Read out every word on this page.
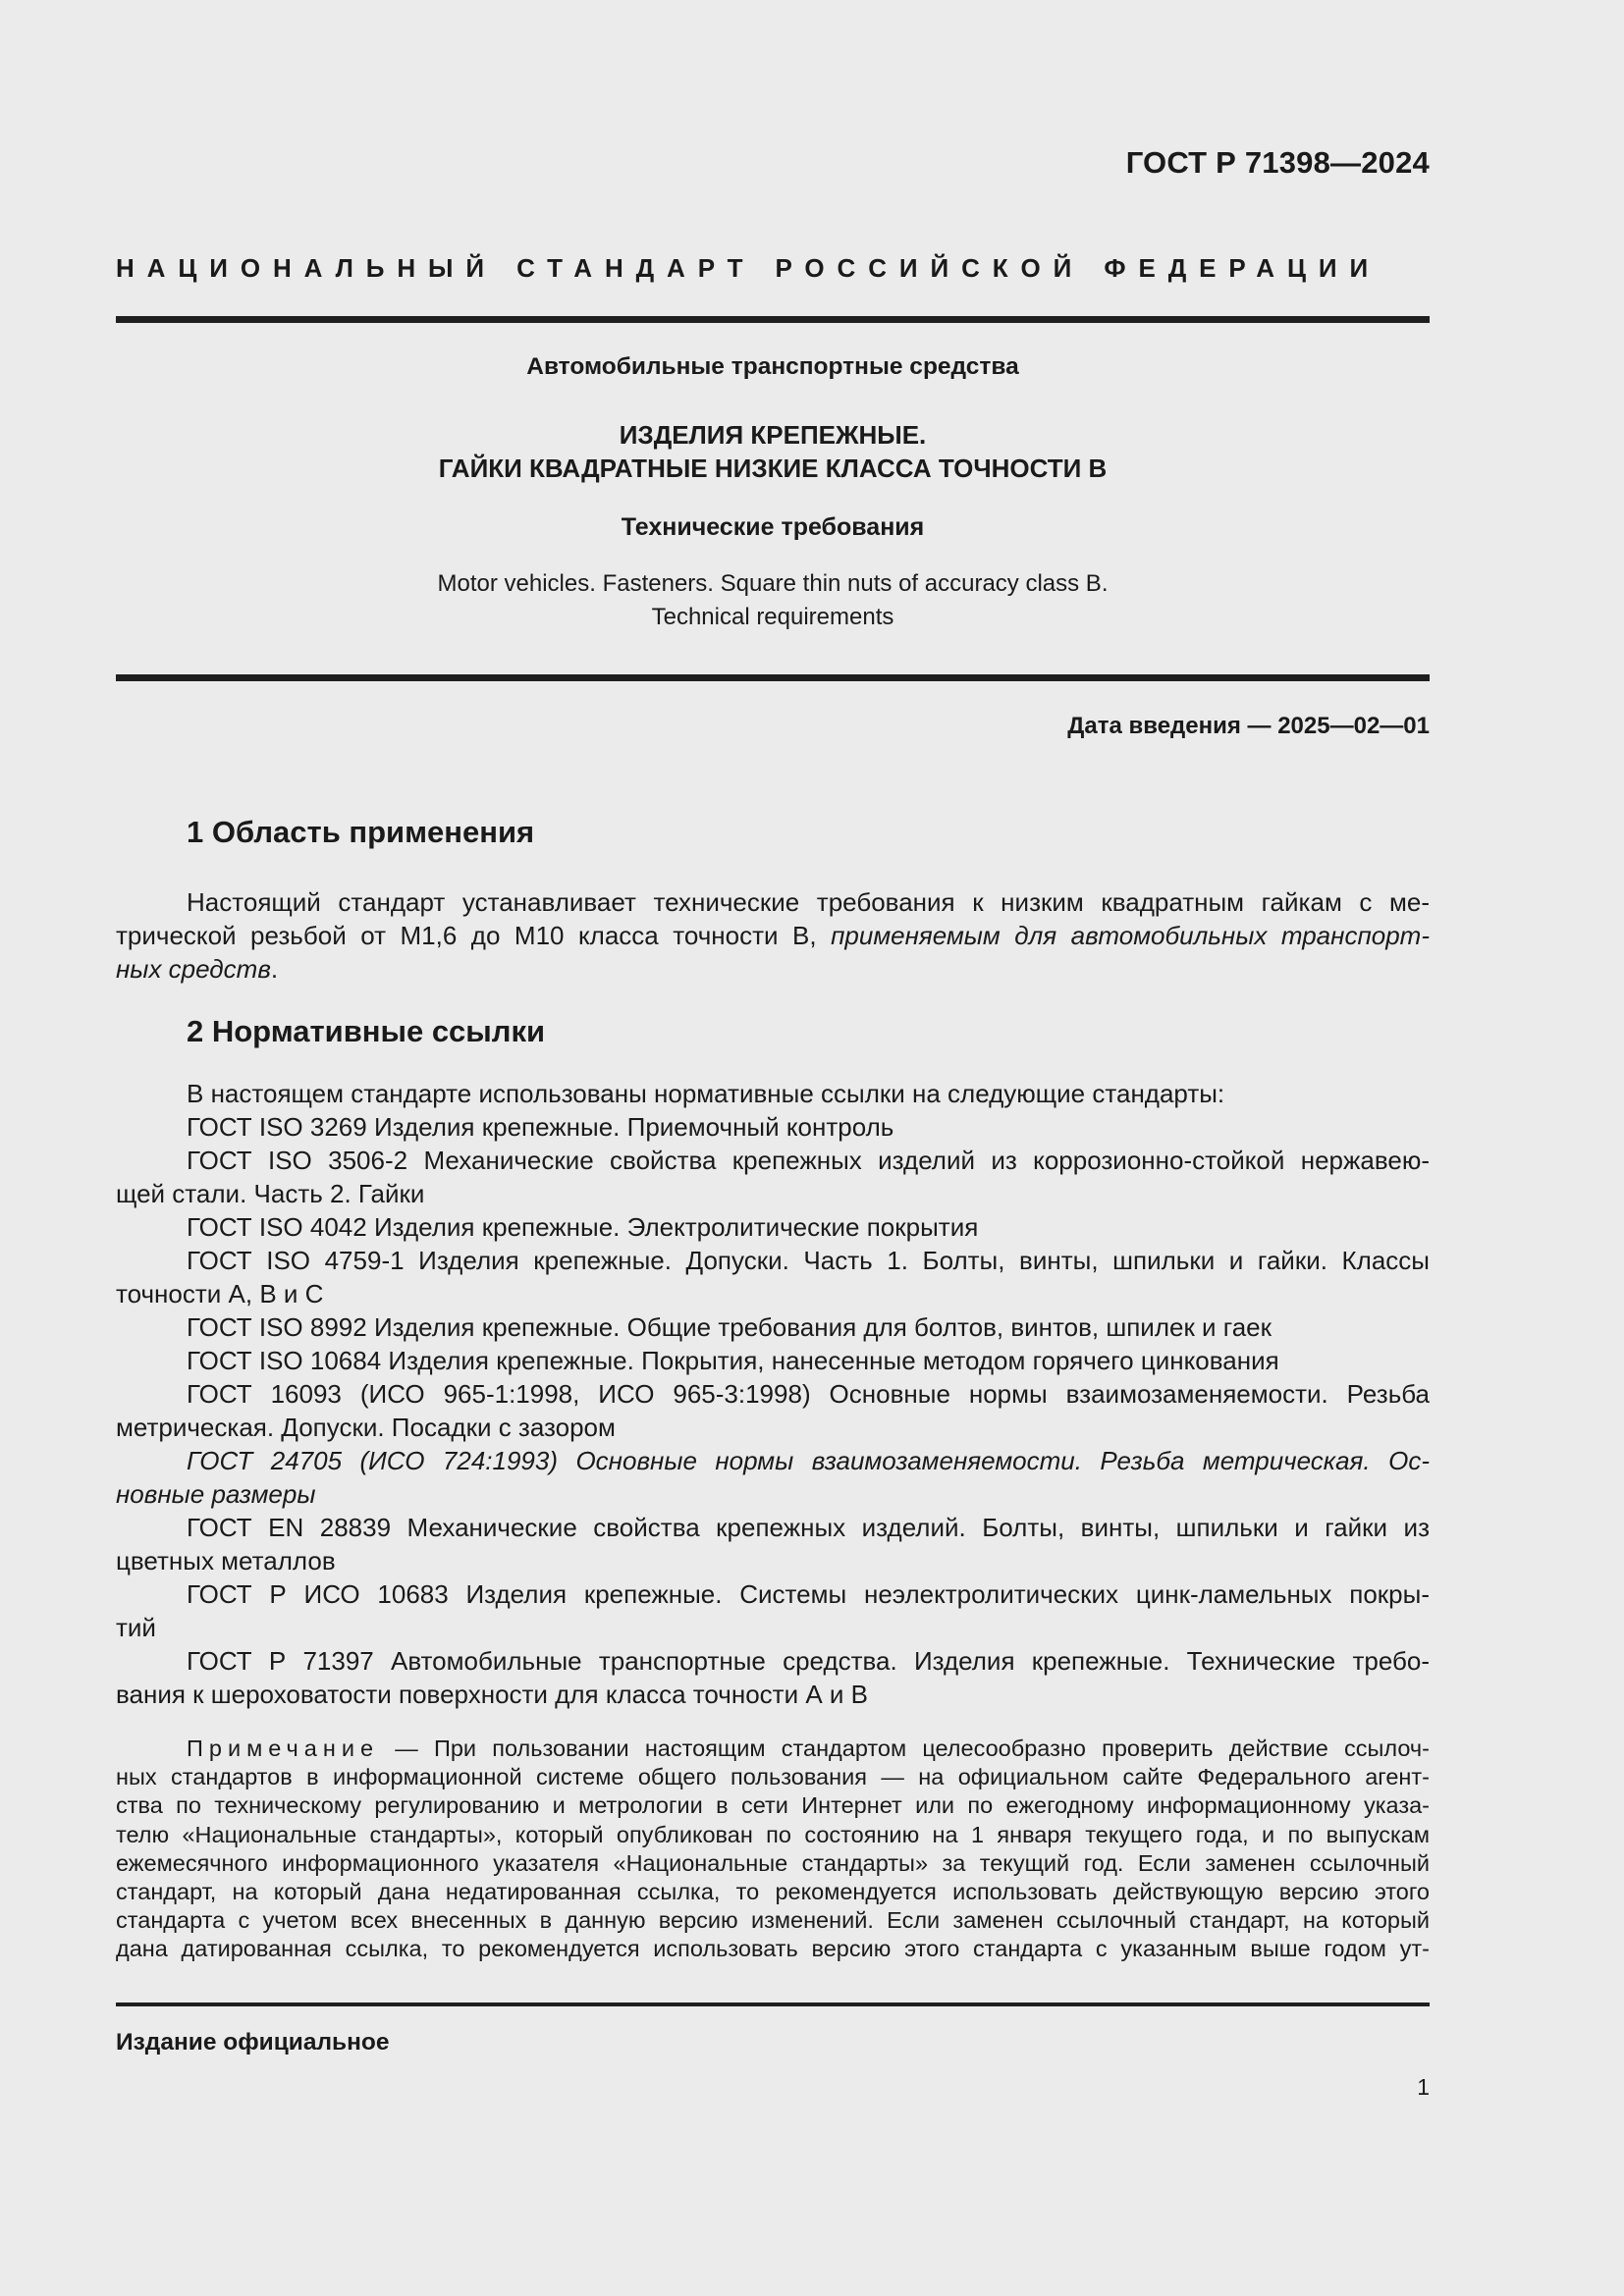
ГОСТ Р 71398—2024
НАЦИОНАЛЬНЫЙ СТАНДАРТ РОССИЙСКОЙ ФЕДЕРАЦИИ
Автомобильные транспортные средства
ИЗДЕЛИЯ КРЕПЕЖНЫЕ.
ГАЙКИ КВАДРАТНЫЕ НИЗКИЕ КЛАССА ТОЧНОСТИ В
Технические требования
Motor vehicles. Fasteners. Square thin nuts of accuracy class B.
Technical requirements
Дата введения — 2025—02—01
1 Область применения
Настоящий стандарт устанавливает технические требования к низким квадратным гайкам с ме-
трической резьбой от М1,6 до М10 класса точности В, применяемым для автомобильных транспорт-
ных средств.
2 Нормативные ссылки
В настоящем стандарте использованы нормативные ссылки на следующие стандарты:
ГОСТ ISO 3269 Изделия крепежные. Приемочный контроль
ГОСТ ISO 3506-2 Механические свойства крепежных изделий из коррозионно-стойкой нержавею-
щей стали. Часть 2. Гайки
ГОСТ ISO 4042 Изделия крепежные. Электролитические покрытия
ГОСТ ISO 4759-1 Изделия крепежные. Допуски. Часть 1. Болты, винты, шпильки и гайки. Классы
точности А, В и С
ГОСТ ISO 8992 Изделия крепежные. Общие требования для болтов, винтов, шпилек и гаек
ГОСТ ISO 10684 Изделия крепежные. Покрытия, нанесенные методом горячего цинкования
ГОСТ 16093 (ИСО 965-1:1998, ИСО 965-3:1998) Основные нормы взаимозаменяемости. Резьба
метрическая. Допуски. Посадки с зазором
ГОСТ 24705 (ИСО 724:1993) Основные нормы взаимозаменяемости. Резьба метрическая. Ос-
новные размеры
ГОСТ EN 28839 Механические свойства крепежных изделий. Болты, винты, шпильки и гайки из
цветных металлов
ГОСТ Р ИСО 10683 Изделия крепежные. Системы неэлектролитических цинк-ламельных покры-
тий
ГОСТ Р 71397 Автомобильные транспортные средства. Изделия крепежные. Технические требо-
вания к шероховатости поверхности для класса точности А и В
Примечание — При пользовании настоящим стандартом целесообразно проверить действие ссылоч-
ных стандартов в информационной системе общего пользования — на официальном сайте Федерального агент-
ства по техническому регулированию и метрологии в сети Интернет или по ежегодному информационному указа-
телю «Национальные стандарты», который опубликован по состоянию на 1 января текущего года, и по выпускам
ежемесячного информационного указателя «Национальные стандарты» за текущий год. Если заменен ссылочный
стандарт, на который дана недатированная ссылка, то рекомендуется использовать действующую версию этого
стандарта с учетом всех внесенных в данную версию изменений. Если заменен ссылочный стандарт, на который
дана датированная ссылка, то рекомендуется использовать версию этого стандарта с указанным выше годом ут-
Издание официальное
1
